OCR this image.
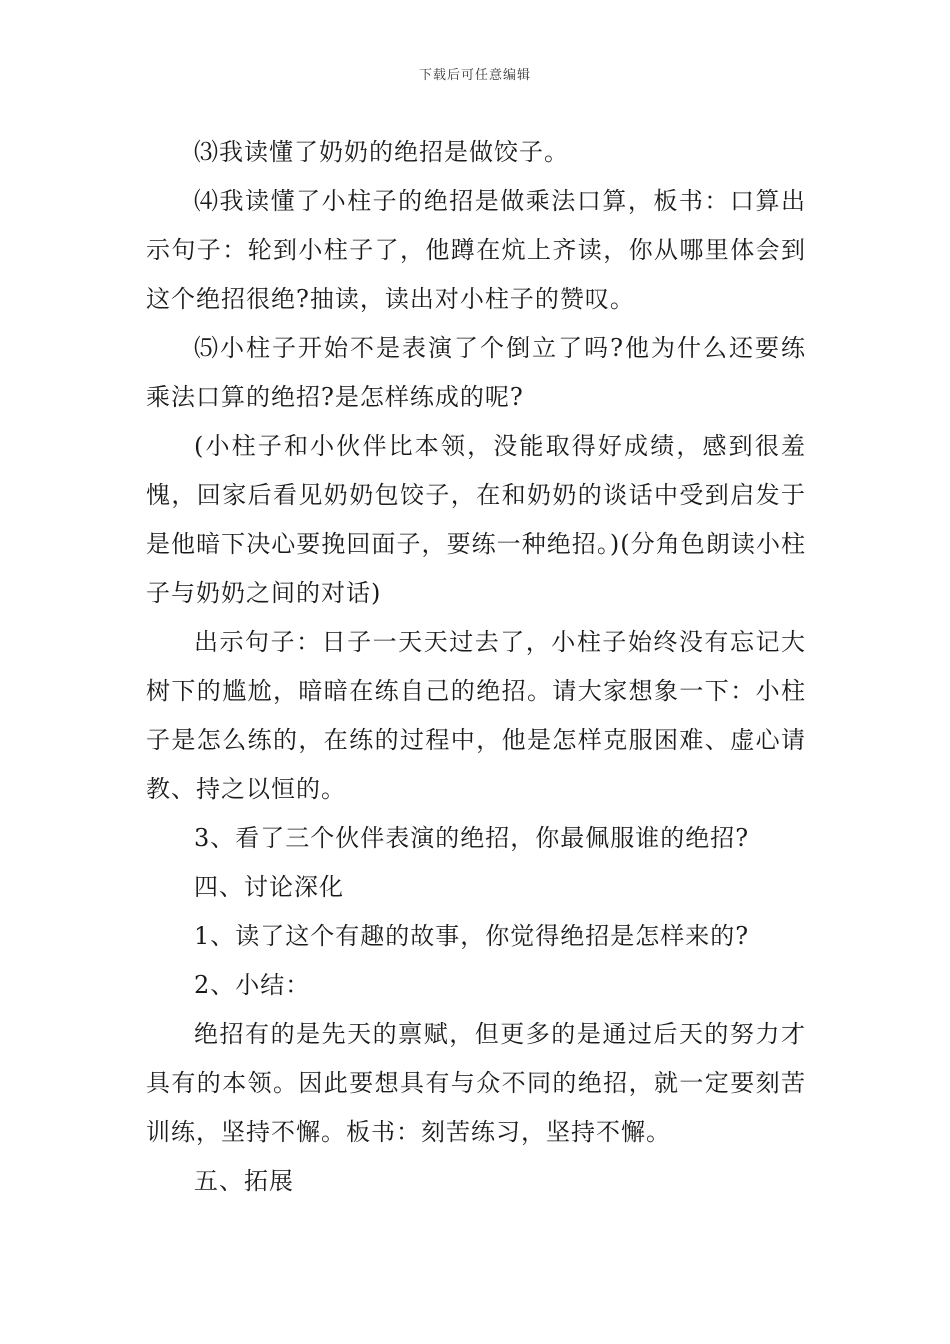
下载后可任意编辑

⑶我读懂了奶奶的绝招是做饺子。

⑷我读懂了小柱子的绝招是做乘法口算，板书：口算出示句子：轮到小柱子了，他蹲在炕上齐读，你从哪里体会到这个绝招很绝?抽读，读出对小柱子的赞叹。

⑸小柱子开始不是表演了个倒立了吗?他为什么还要练乘法口算的绝招?是怎样练成的呢?

(小柱子和小伙伴比本领，没能取得好成绩，感到很羞愧，回家后看见奶奶包饺子，在和奶奶的谈话中受到启发于是他暗下决心要挽回面子，要练一种绝招。)(分角色朗读小柱子与奶奶之间的对话)

出示句子：日子一天天过去了，小柱子始终没有忘记大树下的尴尬，暗暗在练自己的绝招。请大家想象一下：小柱子是怎么练的，在练的过程中，他是怎样克服困难、虚心请教、持之以恒的。

3、看了三个伙伴表演的绝招，你最佩服谁的绝招?

四、讨论深化

1、读了这个有趣的故事，你觉得绝招是怎样来的?

2、小结：

绝招有的是先天的禀赋，但更多的是通过后天的努力才具有的本领。因此要想具有与众不同的绝招，就一定要刻苦训练，坚持不懈。板书：刻苦练习，坚持不懈。

五、拓展
